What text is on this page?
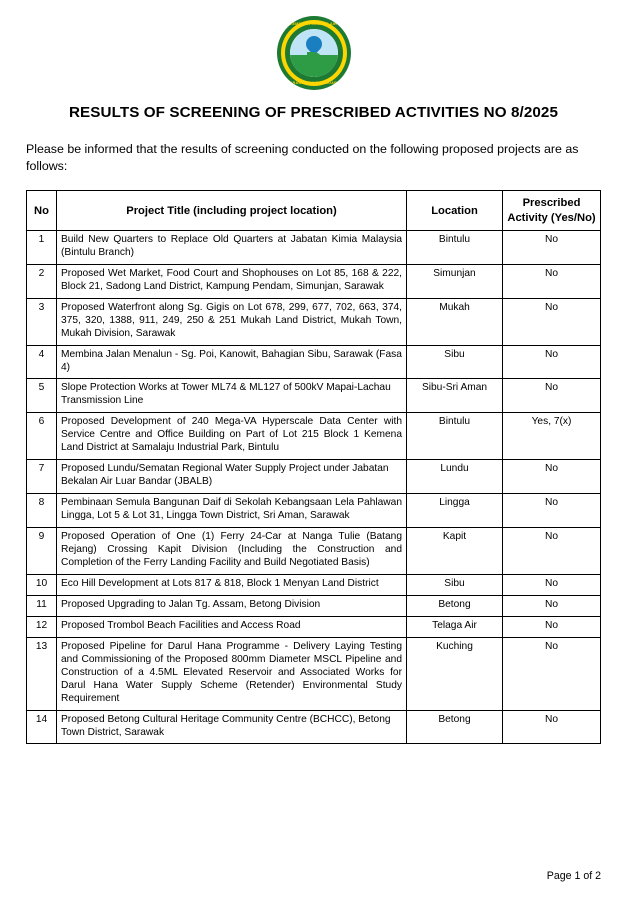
LEMBAGA SUMBER AIR
SARAWAK RIVERS BOARD
RESULTS OF SCREENING OF PRESCRIBED ACTIVITIES NO 8/2025

Please be informed that the results of screening conducted on the following proposed projects are as follows:

No	Project Title (including project location)	Location	Prescribed Activity (Yes/No)
1	Build New Quarters to Replace Old Quarters at Jabatan Kimia Malaysia (Bintulu Branch)	Bintulu	No
2	Proposed Wet Market, Food Court and Shophouses on Lot 85, 168 & 222, Block 21, Sadong Land District, Kampung Pendam, Simunjan, Sarawak	Simunjan	No
3	Proposed Waterfront along Sg. Gigis on Lot 678, 299, 677, 702, 663, 374, 375, 320, 1388, 911, 249, 250 & 251 Mukah Land District, Mukah Town, Mukah Division, Sarawak	Mukah	No
4	Membina Jalan Menalun - Sg. Poi, Kanowit, Bahagian Sibu, Sarawak (Fasa 4)	Sibu	No
5	Slope Protection Works at Tower ML74 & ML127 of 500kV Mapai-Lachau Transmission Line	Sibu-Sri Aman	No
6	Proposed Development of 240 Mega-VA Hyperscale Data Center with Service Centre and Office Building on Part of Lot 215 Block 1 Kemena Land District at Samalaju Industrial Park, Bintulu	Bintulu	Yes, 7(x)
7	Proposed Lundu/Sematan Regional Water Supply Project under Jabatan Bekalan Air Luar Bandar (JBALB)	Lundu	No
8	Pembinaan Semula Bangunan Daif di Sekolah Kebangsaan Lela Pahlawan Lingga, Lot 5 & Lot 31, Lingga Town District, Sri Aman, Sarawak	Lingga	No
9	Proposed Operation of One (1) Ferry 24-Car at Nanga Tulie (Batang Rejang) Crossing Kapit Division (Including the Construction and Completion of the Ferry Landing Facility and Build Negotiated Basis)	Kapit	No
10	Eco Hill Development at Lots 817 & 818, Block 1 Menyan Land District	Sibu	No
11	Proposed Upgrading to Jalan Tg. Assam, Betong Division	Betong	No
12	Proposed Trombol Beach Facilities and Access Road	Telaga Air	No
13	Proposed Pipeline for Darul Hana Programme - Delivery Laying Testing and Commissioning of the Proposed 800mm Diameter MSCL Pipeline and Construction of a 4.5ML Elevated Reservoir and Associated Works for Darul Hana Water Supply Scheme (Retender) Environmental Study Requirement	Kuching	No
14	Proposed Betong Cultural Heritage Community Centre (BCHCC), Betong Town District, Sarawak	Betong	No
Page 1 of 2
